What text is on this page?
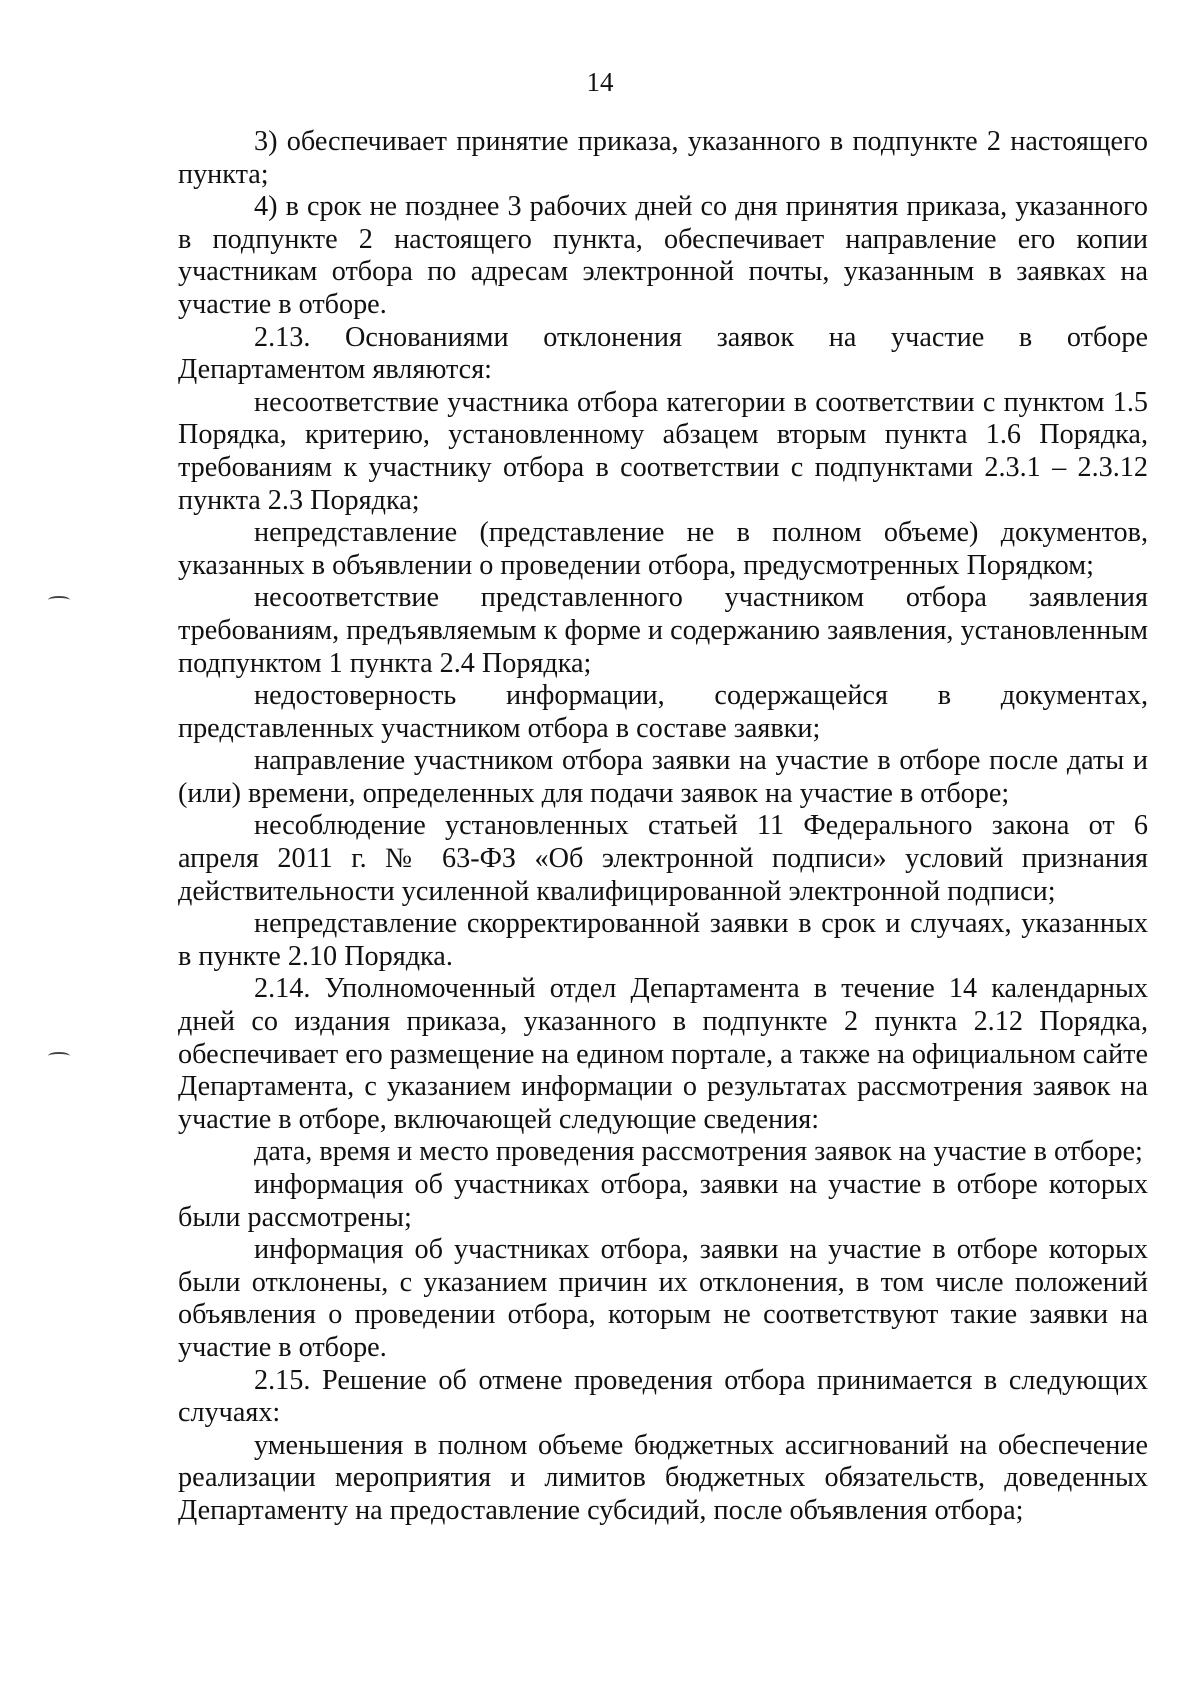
14

3) обеспечивает принятие приказа, указанного в подпункте 2 настоящего пункта;

4) в срок не позднее 3 рабочих дней со дня принятия приказа, указанного в подпункте 2 настоящего пункта, обеспечивает направление его копии участникам отбора по адресам электронной почты, указанным в заявках на участие в отборе.

2.13. Основаниями отклонения заявок на участие в отборе Департаментом являются:

несоответствие участника отбора категории в соответствии с пунктом 1.5 Порядка, критерию, установленному абзацем вторым пункта 1.6 Порядка, требованиям к участнику отбора в соответствии с подпунктами 2.3.1 – 2.3.12 пункта 2.3 Порядка;

непредставление (представление не в полном объеме) документов, указанных в объявлении о проведении отбора, предусмотренных Порядком;

несоответствие представленного участником отбора заявления требованиям, предъявляемым к форме и содержанию заявления, установленным подпунктом 1 пункта 2.4 Порядка;

недостоверность информации, содержащейся в документах, представленных участником отбора в составе заявки;

направление участником отбора заявки на участие в отборе после даты и (или) времени, определенных для подачи заявок на участие в отборе;

несоблюдение установленных статьей 11 Федерального закона от 6 апреля 2011 г. № 63-ФЗ «Об электронной подписи» условий признания действительности усиленной квалифицированной электронной подписи;

непредставление скорректированной заявки в срок и случаях, указанных в пункте 2.10 Порядка.

2.14. Уполномоченный отдел Департамента в течение 14 календарных дней со издания приказа, указанного в подпункте 2 пункта 2.12 Порядка, обеспечивает его размещение на едином портале, а также на официальном сайте Департамента, с указанием информации о результатах рассмотрения заявок на участие в отборе, включающей следующие сведения:

дата, время и место проведения рассмотрения заявок на участие в отборе;

информация об участниках отбора, заявки на участие в отборе которых были рассмотрены;

информация об участниках отбора, заявки на участие в отборе которых были отклонены, с указанием причин их отклонения, в том числе положений объявления о проведении отбора, которым не соответствуют такие заявки на участие в отборе.

2.15. Решение об отмене проведения отбора принимается в следующих случаях:

уменьшения в полном объеме бюджетных ассигнований на обеспечение реализации мероприятия и лимитов бюджетных обязательств, доведенных Департаменту на предоставление субсидий, после объявления отбора;
